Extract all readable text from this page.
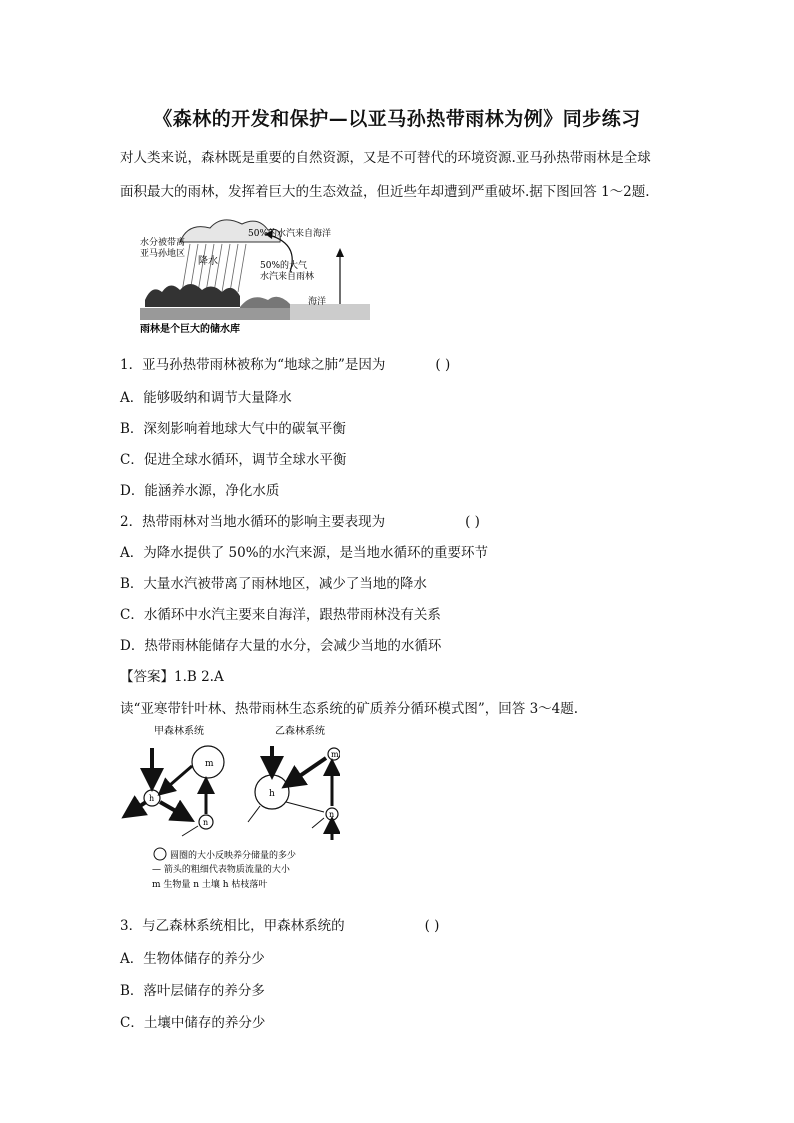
《森林的开发和保护—以亚马孙热带雨林为例》同步练习
对人类来说，森林既是重要的自然资源，又是不可替代的环境资源.亚马孙热带雨林是全球
面积最大的雨林，发挥着巨大的生态效益，但近些年却遭到严重破坏.据下图回答 1～2题.
水分被带离亚马孙地区
降水
50%的水汽来自海洋
50%的大气水汽来自雨林
海洋
雨林是个巨大的储水库
1．亚马孙热带雨林被称为“地球之肺”是因为	( )
A．能够吸纳和调节大量降水
B．深刻影响着地球大气中的碳氧平衡
C．促进全球水循环，调节全球水平衡
D．能涵养水源，净化水质
2．热带雨林对当地水循环的影响主要表现为	( )
A．为降水提供了 50%的水汽来源，是当地水循环的重要环节
B．大量水汽被带离了雨林地区，减少了当地的降水
C．水循环中水汽主要来自海洋，跟热带雨林没有关系
D．热带雨林能储存大量的水分，会减少当地的水循环
【答案】1.B 2.A
读“亚寒带针叶林、热带雨林生态系统的矿质养分循环模式图”，回答 3～4题.
甲森林系统	乙森林系统
m
h
n
h
m
n
圆圈的大小反映养分储量的多少
— 箭头的粗细代表物质流量的大小
m 生物量 n 土壤 h 枯枝落叶
3．与乙森林系统相比，甲森林系统的	( )
A．生物体储存的养分少
B．落叶层储存的养分多
C．土壤中储存的养分少
